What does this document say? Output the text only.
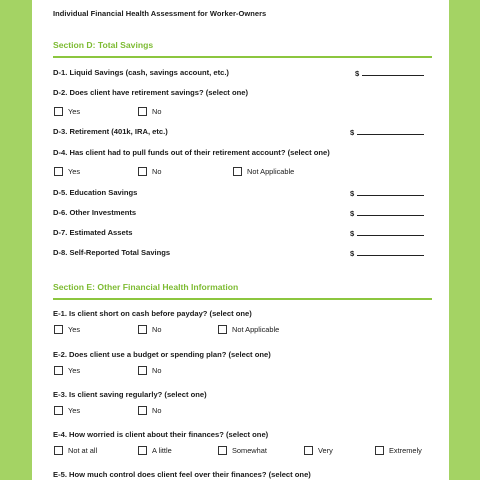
Individual Financial Health Assessment for Worker-Owners
Section D: Total Savings
D-1. Liquid Savings (cash, savings account, etc.)	$
D-2. Does client have retirement savings? (select one)
Yes	No
D-3. Retirement (401k, IRA, etc.)	$
D-4. Has client had to pull funds out of their retirement account? (select one)
Yes	No	Not Applicable
D-5. Education Savings	$
D-6. Other Investments	$
D-7. Estimated Assets	$
D-8. Self-Reported Total Savings	$
Section E: Other Financial Health Information
E-1. Is client short on cash before payday? (select one)
Yes	No	Not Applicable
E-2. Does client use a budget or spending plan? (select one)
Yes	No
E-3. Is client saving regularly? (select one)
Yes	No
E-4. How worried is client about their finances? (select one)
Not at all	A little	Somewhat	Very	Extremely
E-5. How much control does client feel over their finances? (select one)
